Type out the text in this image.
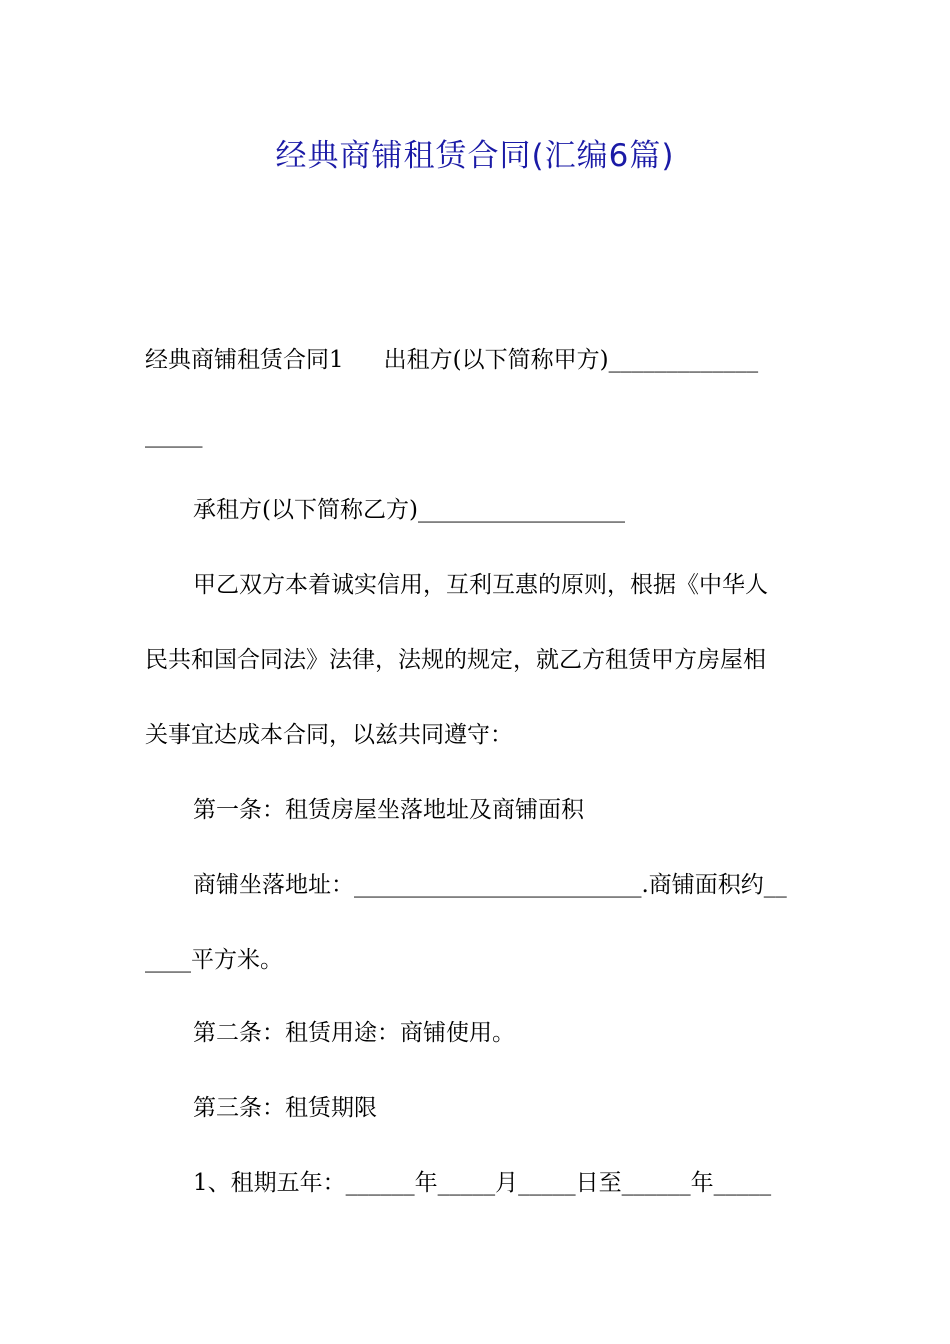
经典商铺租赁合同(汇编6篇)
经典商铺租赁合同1 出租方(以下简称甲方)_____________
_____
承租方(以下简称乙方)__________________
甲乙双方本着诚实信用，互利互惠的原则，根据《中华人
民共和国合同法》法律，法规的规定，就乙方租赁甲方房屋相
关事宜达成本合同，以兹共同遵守：
第一条：租赁房屋坐落地址及商铺面积
商铺坐落地址：_________________________.商铺面积约__
____平方米。
第二条：租赁用途：商铺使用。
第三条：租赁期限
1、租期五年：______年_____月_____日至______年_____
